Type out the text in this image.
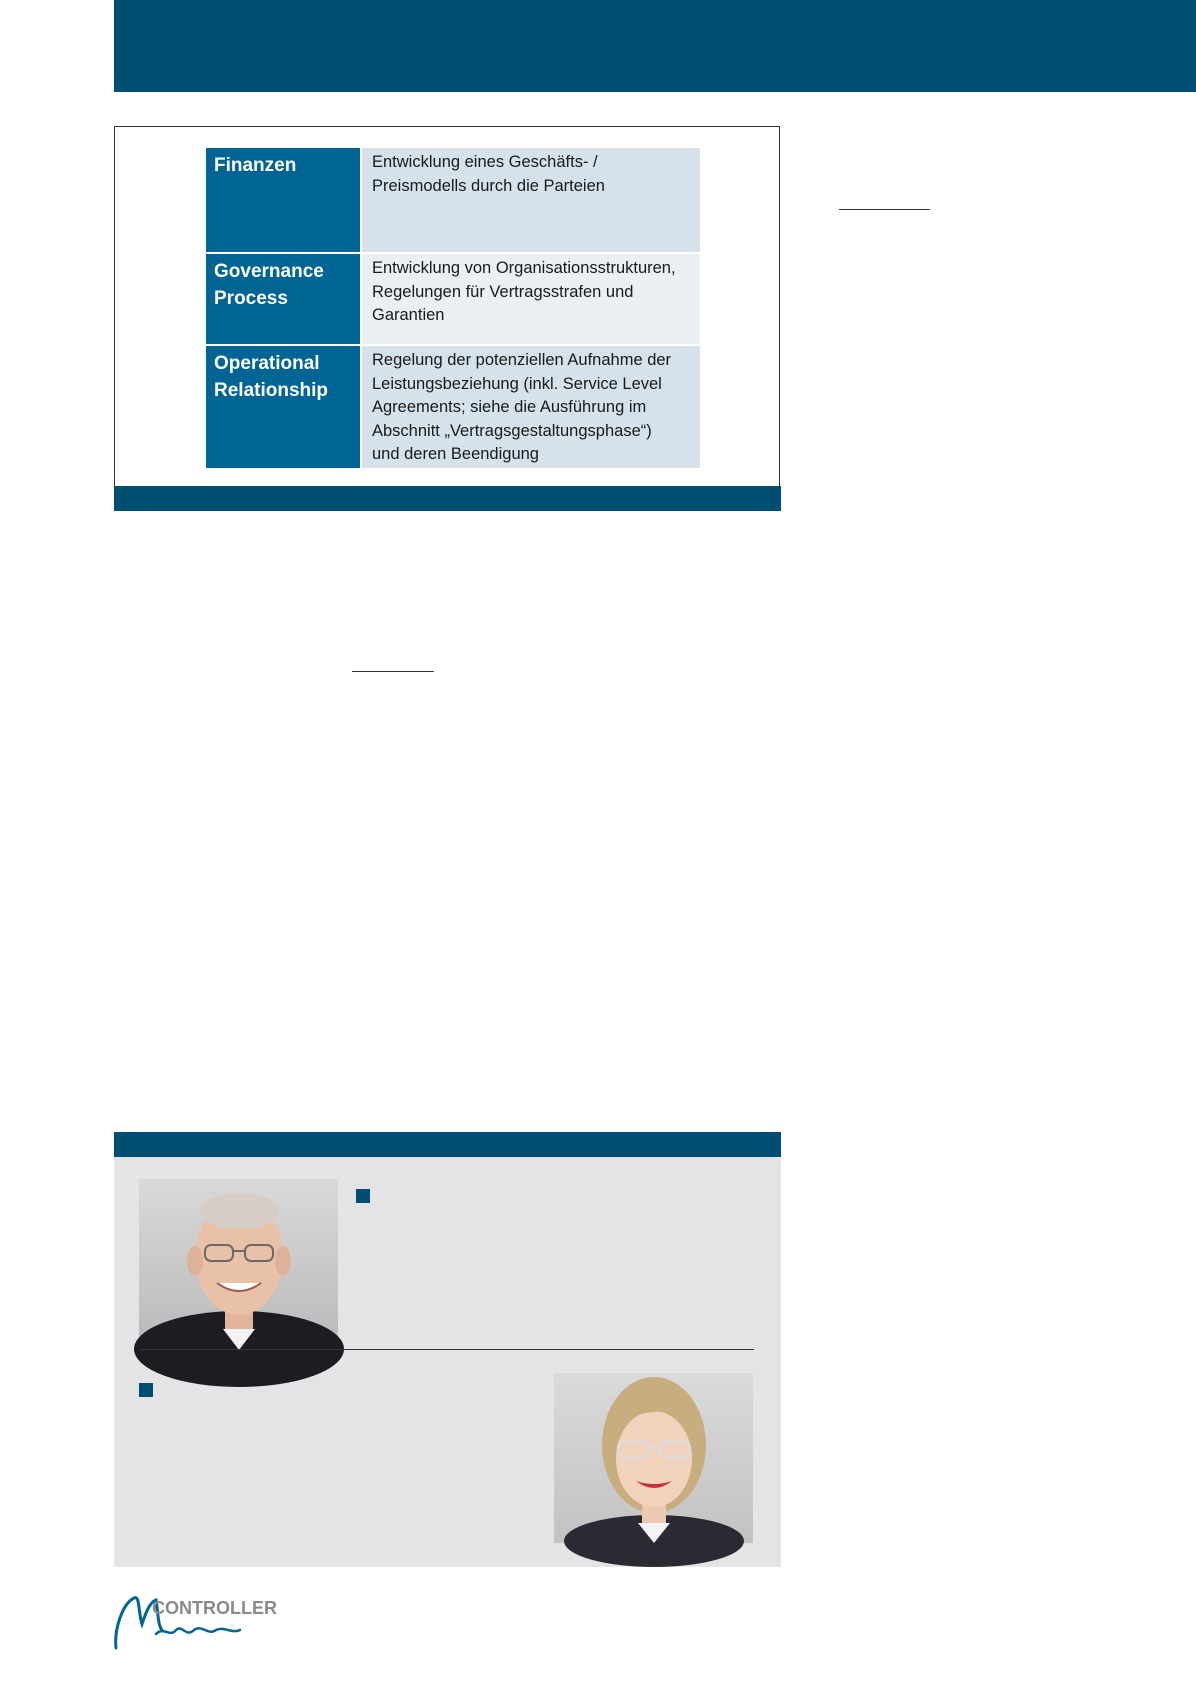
Finanzen	Entwicklung eines Geschäfts- /
Preismodells durch die Parteien
Governance Process
Entwicklung von Organisationsstrukturen,
Regelungen für Vertragsstrafen und
Garantien
Operational Relationship
Regelung der potenziellen Aufnahme der
Leistungsbeziehung (inkl. Service Level
Agreements; siehe die Ausführung im
Abschnitt „Vertragsgestaltungsphase“)
und deren Beendigung
CONTROLLER
